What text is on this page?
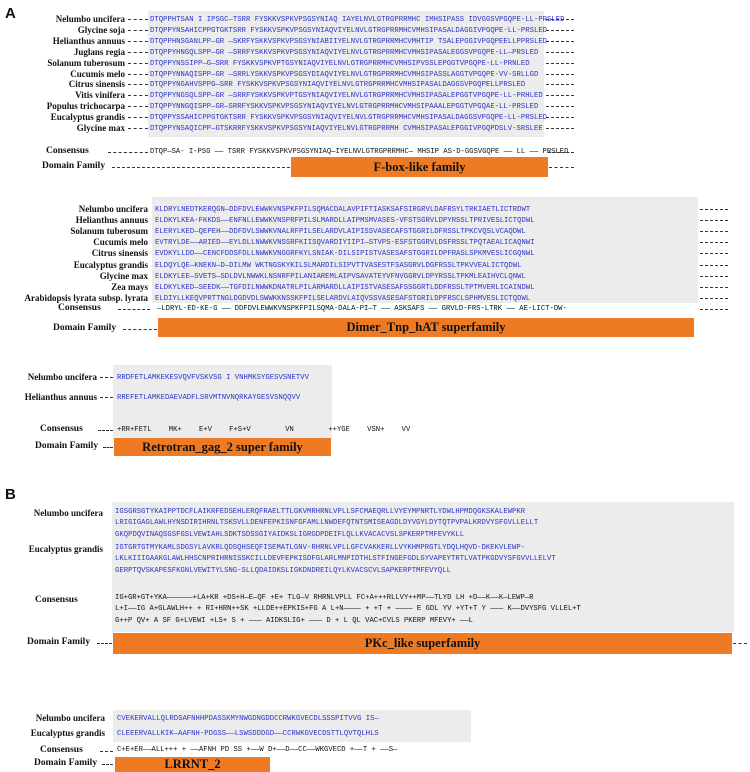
A	Nelumbo uncifera	DTQPPHTSAN I IPSGC—TSRR FYSKKVSPKVPSGSYNIAQ IAYELNVLGTRGPRRMHC IMHSIPASS IDVGGSVPGQPE-LL-PRSLED
Glycine soja	DTQPPYNSAHICPPGTGKTSRR FYSKKVSPKVPSGSYNIAQVIYELNVLGTRGPRRMHCVMHSIPASALDAGGIVPGQPE-LL-PRSLED
Helianthus annuus	DTQPPHNSGANLPP—GR —SKRFYSKKVSPKVPSGSYNIABIIYELNVLGTRGPRRMHCVMHTIP TSALEPGGIVPGQPEELLPPRSLED
Juglans regia	DTQPPYHNGQLSPP—GR —SRRFYSKKVSPKVPSGSYNIAQVIYELNVLGTRGPRRMHCVMHSIPASALEGGSVPGQPE-LL—PRSLED
Solanum tuberosum	DTQPPYNSSIPP—G—SRR FYSKKVSPKVPTGSYNIAQVIYELNVLGTRGPRRMHCVMHSIPVSSLEPGGTVPGQPE-LL-PRNLED
Cucumis melo	DTQPPYNNAQISPP—GR —SRRLYSKKVSPKVPSGSYDIAQVIYELNVLGTRGPRRMHCVMHSIPASSLAGGTVPGQPE-VV-SRLLGD
Citrus sinensis	DTQPPYNGAHVSPPG—SRR FYSKKVSPKVPSGSYNIAQVIYELNVLGTRGPRRMHCVMHSIPASALDAGGSVPGQPELLPRSLED
Vitis vinifera	DTQPPYNGSQLSPP—GR —SRRFYSKKVSPKVPTGSYNIAQVIYELNVLGTRGPRRMHCVMHSIPASALEPGGTVPGQPE-LL-PRHLED
Populus trichocarpa	DTQPPYNNGQISPP—GR—SRRFYSKKVSPKVPSGSYNIAQVIYELNVLGTRGPRRMHCVMHSIPAAALEPGGTVPGQAE-LL-PRSLED
Eucalyptus grandis	DTQPPYSSAHICPPGTGKTSRR FYSKKVSPKVPSGSYNIAQVIYELNVLGTRGPRRMHCVMHSIPASALDAGGSVPGQPE-LL-PRSLED
Glycine max	DTQPPYNSAQICPP—GTSKRRFYSKKVSPKVPSGSYNIAQVIYELNVLGTRGPRRMH CVMHSIPASALEPGGIVPGQPDSLV-SRSLEE
Consensus	DTQP—SA- I-PSG —— TSRR FYSKKVSPKVPSGSYNIAQ—IYELNVLGTRGPRRMHC— MHSIP AS-D-GGSVGQPE —— LL —— PRSLED
Domain Family	F-box-like family
Nelumbo uncifera KLDRYLNEDTKERQGN—DDFDVLEWWKVNSPKFPILSQMACDALAVPIFTIASKSAFSIRGRVLDAFRSYLTRKIAETLICTRDWT
Helianthus annuus ELDKYLKEA-FKKDS——ENFNLLEWWKVNSPRFPILSLMARDLLAIPMSMVASES-VFSTSGRVLDPYRSSLTPRIVESLICTQDWL
Solanum tuberosum ELERYLKED—QEPEH——DDFDVLSWWKVNALRFPILSELARDVLAIPISSVASECAFSTGGRILDFRSSLTPKCVQSLVCAQDWL
Cucumis melo EVTRYLDE——ARIED——EYLDLLNWWKVNSSRFKIISQVARDIYIIPI—STVPS-ESFSTGGRVLDSFRSSLTPQTAEALICAQNWI
Citrus sinensis EVDKYLLDD——CENCFDDSFDLLNWWKVNGGRFKYLSNIAK-DILSIPISTVASESAFSTGGRILDPFRASLSPKMVESLICGQNWL
Eucalyptus grandis ELDQYLQE—KNEKN—D—DILMW WKTNGSKYKILSLMARDILSIPVTTVASESTFSASGRVLDGFRSSLTPKVVEALICTQDWL
Glycine max ELDKYLEE—SVETS—SDLDVLNWWKLNSNRFPILANIAREMLAIPVSAVATEYVFNVGGRVLDPYRSSLTPKMLEAIHVCLQNWL
Zea mays ELDKYLKED—SEEDK——TGFDILNWWKDNATRLPILARMARDLLAIPISTVASESAFSSGGRTLDDFRSSLTPTMVERLICAINDWL
Arabidopsis lyrata subsp. lyrata ELDIYLLKEQVPRTTNGLDGDVDLSWWKKNSSKFPILSELARDVLAIQVSSVASESAFSTGRILDPFRSCLSPHMVESLICTQDWL
Consensus	—LDRYL-ED-KE-G —— DDFDVLEWWKVNSPKFPILSQMA-DALA-PI—T —— ASKSAFS —— GRVLD-FRS-LTRK —— AE-LICT-DW-
Domain Family	Dimer_Tnp_hAT superfamily
Nelumbo uncifera	RRDFETLAMKEKESVQVFVSKVSG I VNHMKSYGESVSNETVV
Helianthus annuus	RREFETLAMKEDAEVADFLSRVMTNVNQRKAYGESVSNQQVV
Consensus	+RR+FETL    MK+    E+V    F+S+V        VN        ++YGE    VSN+    VV
Domain Family	Retrotran_gag_2 super family
B
Nelumbo uncifera IGSGRSGTYKAIPPTDCFLAIKRFEDSEHLERQFRAELTTLGKVMRHRNLVPLLSFCMAEQRLLVYEYMPNRTLYDWLHPMDQGKSKALEWPKR
LRIGIGAGLAWLHYNSDIRIHRNLTSKSVLLDENFEPKISNFGFAMLLNWDEFQTNTSMISEAGDLDYVGYLDYTQTPVPALKRDVYSFGVLLELLT
GKQPDQVINAQSGSFGSLVEWIAHLSDKTSDSSGIYAIDKSLIGRGDPDEIFLQLLKVACACVSLSPKERPTMFEVYKLL
Eucalyptus grandis IGTGRTGTMYKAMLSDGSYLAVKRLQDSQHSEQFISEMATLGNV-RHRNLVPLLGFCVAKKERLLVYKHMPRGTLYDQLHQVD-DKEKVLEWP-
LKLKIIIGAAKGLAWLHHSCNPRIHRNISSKCILLDEVFEPKISDFGLARLMNPIDTHLSTFINGEFGDLGYVAPEYTRTLVATPKGDVYSFGVVLLELVT
GERPTQVSKAPESFKGNLVEWITYLSNG-SLLQDAIDKSLIGKDNDREILQYLKVACSCVLSAPKERPTMFEVYQLL
Consensus	IG+GR+GT+YKA——————+LA+KR +DS+H—E—QF +E+ TLG—V RHRNLVPLL FC+A+++RLLVY++MP——TLYD LH +D——K——K—LEWP—R
L+I——IG A+GLAWLH++ + RI+HRN++SK +LLDE++EPKIS+FG A L+N———— + +T + ———— E GDL YV +YT+T Y ——— K——DVYSFG VLLEL+T
G++P QV+ A SF G+LVEWI +LS+ S + ——— AIDKSLIG+ ——— D + L QL VAC+CVLS PKERP MFEVY+ ——L
Domain Family	PKc_like superfamily
Nelumbo uncifera CVEKERVALLQLRDSAFNHHPDASSKMYNWGDNGDDCCRWKGVECDLSSSPITVVG IS—
Eucalyptus grandis CLEEERVALLKIK—AAFNH-PDGSS——LSWSDDDGD——CCRWKGVECDSTTLQVTQLHLS
Consensus	C+E+ER——ALL+++ + ——AFNH PD SS +——W D+——D——CC——WKGVECD +——T + ——S—
Domain Family	LRRNT_2
